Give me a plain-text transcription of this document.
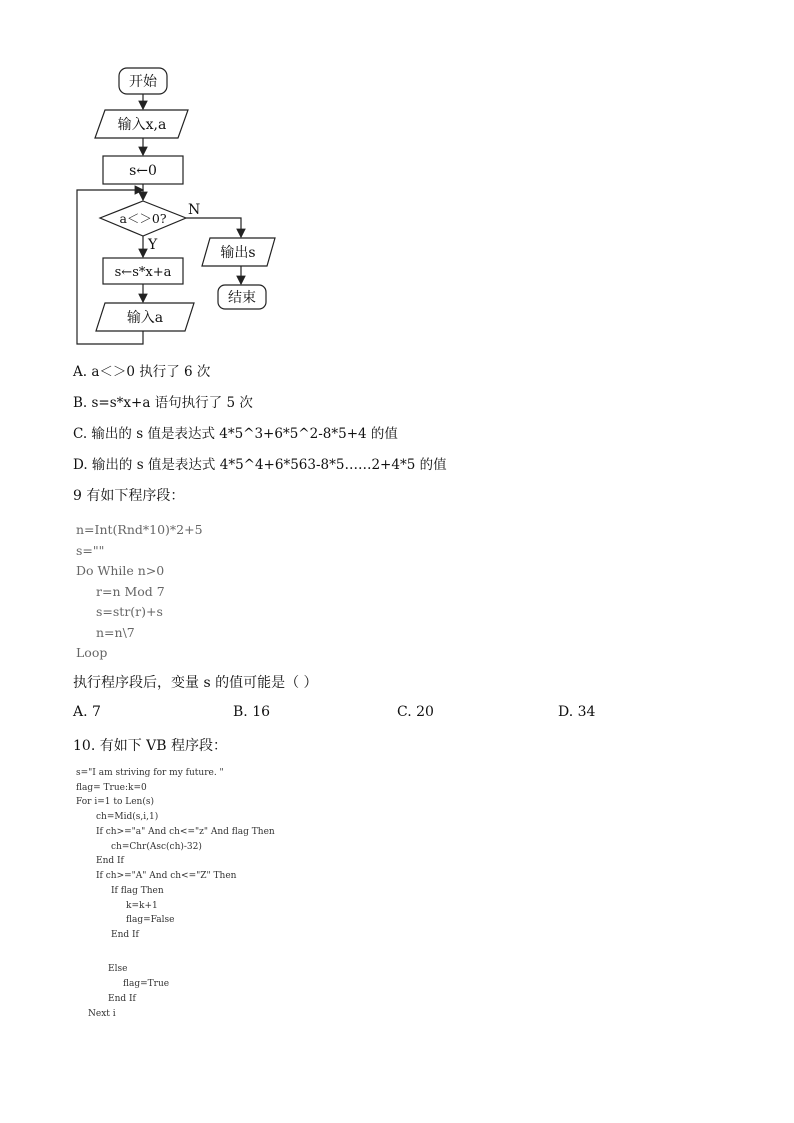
开始
输入x,a
s←0
a＜＞0?
N
输出s
结束
Y
s←s*x+a
输入a
A. a＜＞0 执行了 6 次
B. s=s*x+a 语句执行了 5 次
C. 输出的 s 值是表达式 4*5^3+6*5^2-8*5+4 的值
D. 输出的 s 值是表达式 4*5^4+6*563-8*5……2+4*5 的值
9 有如下程序段：
n=Int(Rnd*10)*2+5
s=""
Do While n>0
r=n Mod 7
s=str(r)+s
n=n\7
Loop
执行程序段后，变量 s 的值可能是（ ）
A. 7	B. 16	C. 20	D. 34
10. 有如下 VB 程序段：
s="I am striving for my future. "
flag= True:k=0
For i=1 to Len(s)
ch=Mid(s,i,1)
If ch>="a" And ch<="z" And flag Then
ch=Chr(Asc(ch)-32)
End If
If ch>="A" And ch<="Z" Then
If flag Then
k=k+1
flag=False
End If
Else
flag=True
End If
Next i
